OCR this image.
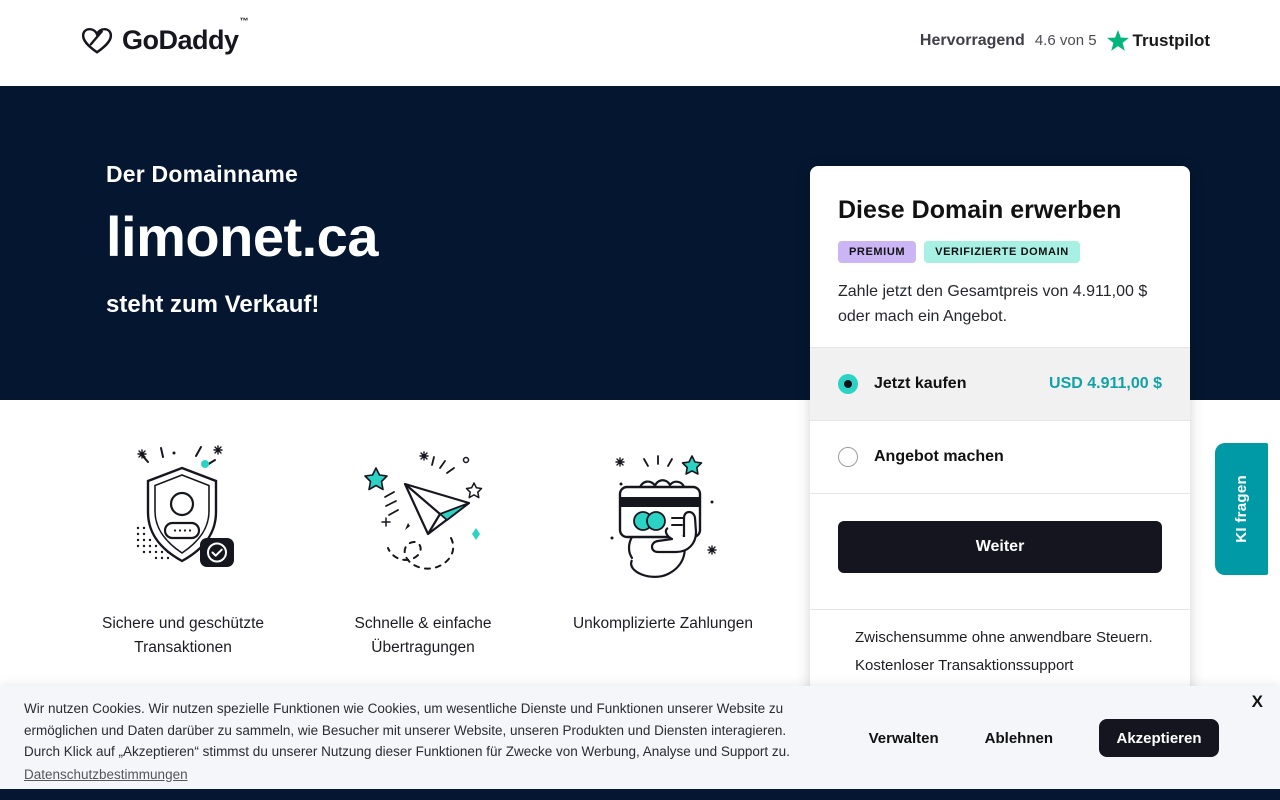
GoDaddy™
Hervorragend 4.6 von 5 Trustpilot
Der Domainname
limonet.ca
steht zum Verkauf!
Sichere und geschützte Transaktionen
Schnelle & einfache Übertragungen
Unkomplizierte Zahlungen
Diese Domain erwerben
PREMIUM	VERIFIZIERTE DOMAIN
Zahle jetzt den Gesamtpreis von 4.911,00 $ oder mach ein Angebot.
Jetzt kaufen	USD 4.911,00 $
Angebot machen
Weiter
Zwischensumme ohne anwendbare Steuern.
Kostenloser Transaktionssupport
KI fragen
Wir nutzen Cookies. Wir nutzen spezielle Funktionen wie Cookies, um wesentliche Dienste und Funktionen unserer Website zu
ermöglichen und Daten darüber zu sammeln, wie Besucher mit unserer Website, unseren Produkten und Diensten interagieren.
Durch Klick auf „Akzeptieren“ stimmst du unserer Nutzung dieser Funktionen für Zwecke von Werbung, Analyse und Support zu.
Datenschutzbestimmungen
Verwalten	Ablehnen	Akzeptieren
X
